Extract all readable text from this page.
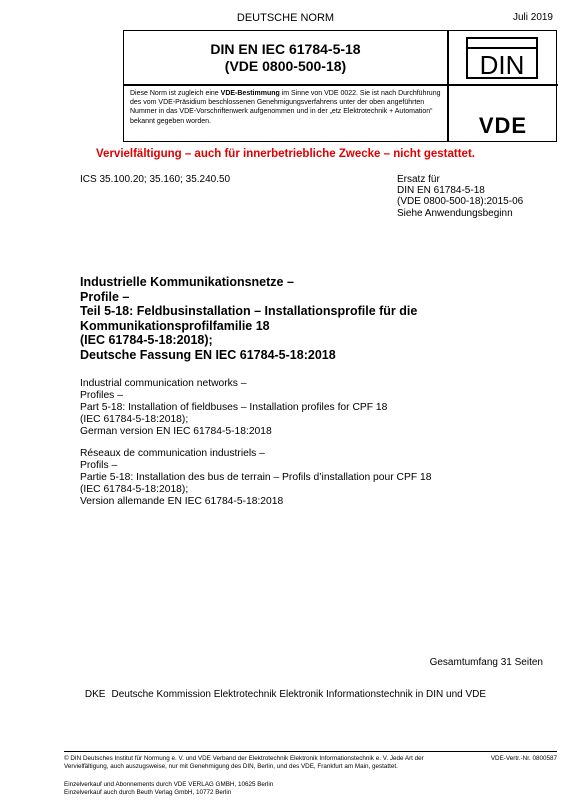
DEUTSCHE NORM	Juli 2019
DIN EN IEC 61784-5-18
(VDE 0800-500-18)
Diese Norm ist zugleich eine VDE-Bestimmung im Sinne von VDE 0022. Sie ist nach Durchführung des vom VDE-Präsidium beschlossenen Genehmigungsverfahrens unter der oben angeführten Nummer in das VDE-Vorschriftenwerk aufgenommen und in der „etz Elektrotechnik + Automation“ bekannt gegeben worden.
DIN
VDE
Vervielfältigung – auch für innerbetriebliche Zwecke – nicht gestattet.
ICS 35.100.20; 35.160; 35.240.50	Ersatz für
DIN EN 61784-5-18
(VDE 0800-500-18):2015-06
Siehe Anwendungsbeginn
Industrielle Kommunikationsnetze –
Profile –
Teil 5-18: Feldbusinstallation – Installationsprofile für die
Kommunikationsprofilfamilie 18
(IEC 61784-5-18:2018);
Deutsche Fassung EN IEC 61784-5-18:2018
Industrial communication networks –
Profiles –
Part 5-18: Installation of fieldbuses – Installation profiles for CPF 18
(IEC 61784-5-18:2018);
German version EN IEC 61784-5-18:2018
Réseaux de communication industriels –
Profils –
Partie 5-18: Installation des bus de terrain – Profils d’installation pour CPF 18
(IEC 61784-5-18:2018);
Version allemande EN IEC 61784-5-18:2018
Gesamtumfang 31 Seiten
DKE Deutsche Kommission Elektrotechnik Elektronik Informationstechnik in DIN und VDE
© DIN Deutsches Institut für Normung e. V. und VDE Verband der Elektrotechnik Elektronik Informationstechnik e. V. Jede Art der Vervielfältigung, auch auszugsweise, nur mit Genehmigung des DIN, Berlin, und des VDE, Frankfurt am Main, gestattet.
VDE-Vertr.-Nr. 0800587
Einzelverkauf und Abonnements durch VDE VERLAG GMBH, 10625 Berlin
Einzelverkauf auch durch Beuth Verlag GmbH, 10772 Berlin
